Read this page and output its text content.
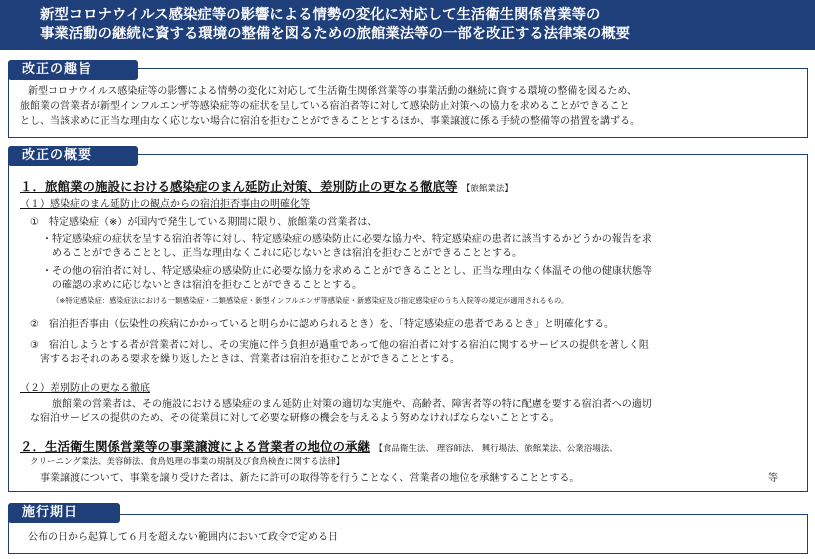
新型コロナウイルス感染症等の影響による情勢の変化に対応して生活衛生関係営業等の
事業活動の継続に資する環境の整備を図るための旅館業法等の一部を改正する法律案の概要
改正の趣旨
新型コロナウイルス感染症等の影響による情勢の変化に対応して生活衛生関係営業等の事業活動の継続に資する環境の整備を図るため、
旅館業の営業者が新型インフルエンザ等感染症等の症状を呈している宿泊者等に対して感染防止対策への協力を求めることができること
とし、当該求めに正当な理由なく応じない場合に宿泊を拒むことができることとするほか、事業譲渡に係る手続の整備等の措置を講ずる。
改正の概要
１．旅館業の施設における感染症のまん延防止対策、差別防止の更なる徹底等 【旅館業法】
（１）感染症のまん延防止の観点からの宿泊拒否事由の明確化等
①　特定感染症（※）が国内で発生している期間に限り、旅館業の営業者は、
・特定感染症の症状を呈する宿泊者等に対し、特定感染症の感染防止に必要な協力や、特定感染症の患者に該当するかどうかの報告を求
　めることができることとし、正当な理由なくこれに応じないときは宿泊を拒むことができることとする。
・その他の宿泊者に対し、特定感染症の感染防止に必要な協力を求めることができることとし、正当な理由なく体温その他の健康状態等
　の確認の求めに応じないときは宿泊を拒むことができることとする。
（※特定感染症：感染症法における一類感染症・二類感染症・新型インフルエンザ等感染症・新感染症及び指定感染症のうち入院等の規定が適用されるもの。
②　宿泊拒否事由（伝染性の疾病にかかっていると明らかに認められるとき）を、「特定感染症の患者であるとき」と明確化する。
③　宿泊しようとする者が営業者に対し、その実施に伴う負担が過重であって他の宿泊者に対する宿泊に関するサービスの提供を著しく阻
　害するおそれのある要求を繰り返したときは、営業者は宿泊を拒むことができることとする。
（２）差別防止の更なる徹底
旅館業の営業者は、その施設における感染症のまん延防止対策の適切な実施や、高齢者、障害者等の特に配慮を要する宿泊者への適切
な宿泊サービスの提供のため、その従業員に対して必要な研修の機会を与えるよう努めなければならないこととする。
２．生活衛生関係営業等の事業譲渡による営業者の地位の承継 【食品衛生法、 理容師法、 興行場法、旅館業法、公衆浴場法、
クリーニング業法、美容師法、食鳥処理の事業の規制及び食鳥検査に関する法律】
事業譲渡について、事業を譲り受けた者は、新たに許可の取得等を行うことなく、営業者の地位を承継することとする。	等
施行期日
公布の日から起算して６月を超えない範囲内において政令で定める日
